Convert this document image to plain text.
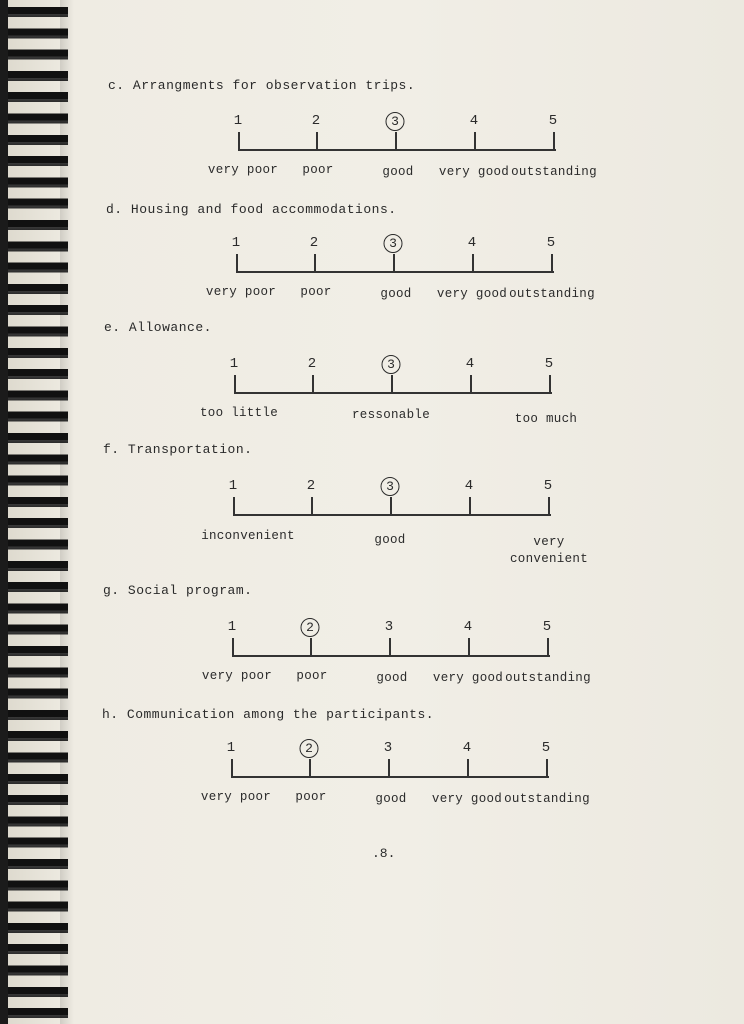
c. Arrangments for observation trips.
1	2	3	4	5
very poor poor	good very good outstanding
d. Housing and food accommodations.
1	2	3	4	5
very poor poor	good very good outstanding
e. Allowance.
1	2	3	4	5
too little	ressonable	too much
f. Transportation.
1	2	3	4	5
inconvenient	good	very
convenient
g. Social program.
1	2	3	4	5
very poor poor	good very good outstanding
h. Communication among the participants.
1	2	3	4	5
very poor poor	good very good outstanding
.8.
